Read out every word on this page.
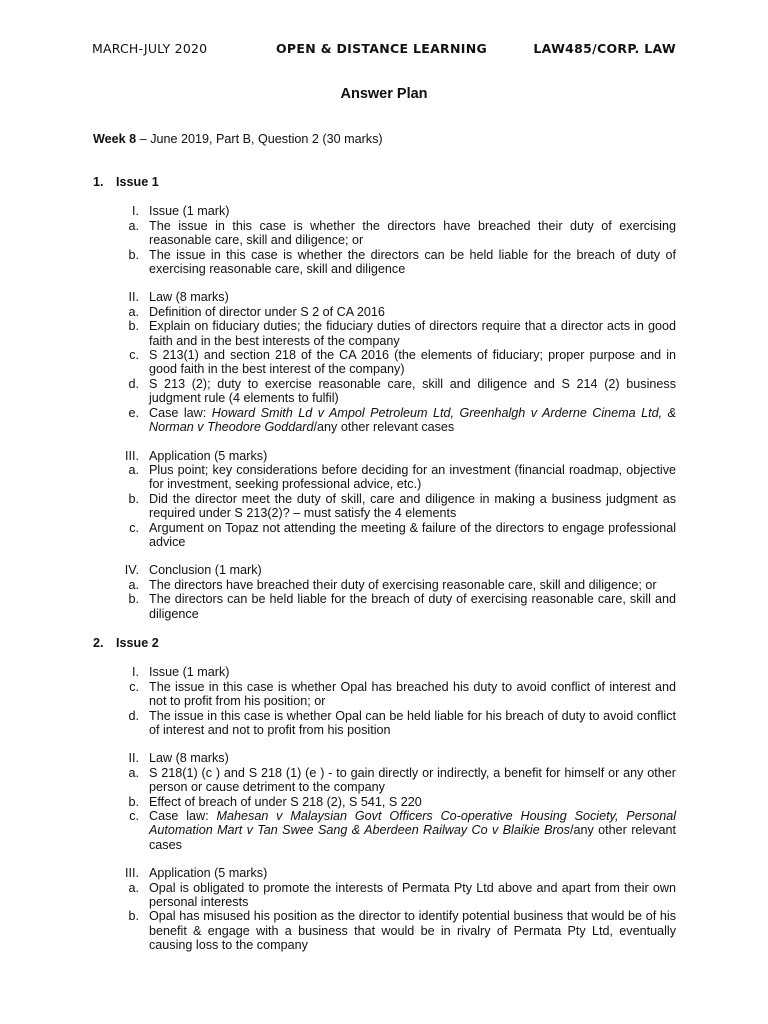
MARCH-JULY 2020	OPEN & DISTANCE LEARNING	LAW485/CORP. LAW
Answer Plan
Week 8 – June 2019, Part B, Question 2 (30 marks)
1. Issue 1
I. Issue (1 mark)
a. The issue in this case is whether the directors have breached their duty of exercising reasonable care, skill and diligence; or
b. The issue in this case is whether the directors can be held liable for the breach of duty of exercising reasonable care, skill and diligence
II. Law (8 marks)
a. Definition of director under S 2 of CA 2016
b. Explain on fiduciary duties; the fiduciary duties of directors require that a director acts in good faith and in the best interests of the company
c. S 213(1) and section 218 of the CA 2016 (the elements of fiduciary; proper purpose and in good faith in the best interest of the company)
d. S 213 (2); duty to exercise reasonable care, skill and diligence and S 214 (2) business judgment rule (4 elements to fulfil)
e. Case law: Howard Smith Ld v Ampol Petroleum Ltd, Greenhalgh v Arderne Cinema Ltd, & Norman v Theodore Goddard/any other relevant cases
III. Application (5 marks)
a. Plus point; key considerations before deciding for an investment (financial roadmap, objective for investment, seeking professional advice, etc.)
b. Did the director meet the duty of skill, care and diligence in making a business judgment as required under S 213(2)? – must satisfy the 4 elements
c. Argument on Topaz not attending the meeting & failure of the directors to engage professional advice
IV. Conclusion (1 mark)
a. The directors have breached their duty of exercising reasonable care, skill and diligence; or
b. The directors can be held liable for the breach of duty of exercising reasonable care, skill and diligence
2. Issue 2
I. Issue (1 mark)
c. The issue in this case is whether Opal has breached his duty to avoid conflict of interest and not to profit from his position; or
d. The issue in this case is whether Opal can be held liable for his breach of duty to avoid conflict of interest and not to profit from his position
II. Law (8 marks)
a. S 218(1) (c ) and S 218 (1) (e ) - to gain directly or indirectly, a benefit for himself or any other person or cause detriment to the company
b. Effect of breach of under S 218 (2), S 541, S 220
c. Case law: Mahesan v Malaysian Govt Officers Co-operative Housing Society, Personal Automation Mart v Tan Swee Sang & Aberdeen Railway Co v Blaikie Bros/any other relevant cases
III. Application (5 marks)
a. Opal is obligated to promote the interests of Permata Pty Ltd above and apart from their own personal interests
b. Opal has misused his position as the director to identify potential business that would be of his benefit & engage with a business that would be in rivalry of Permata Pty Ltd, eventually causing loss to the company
